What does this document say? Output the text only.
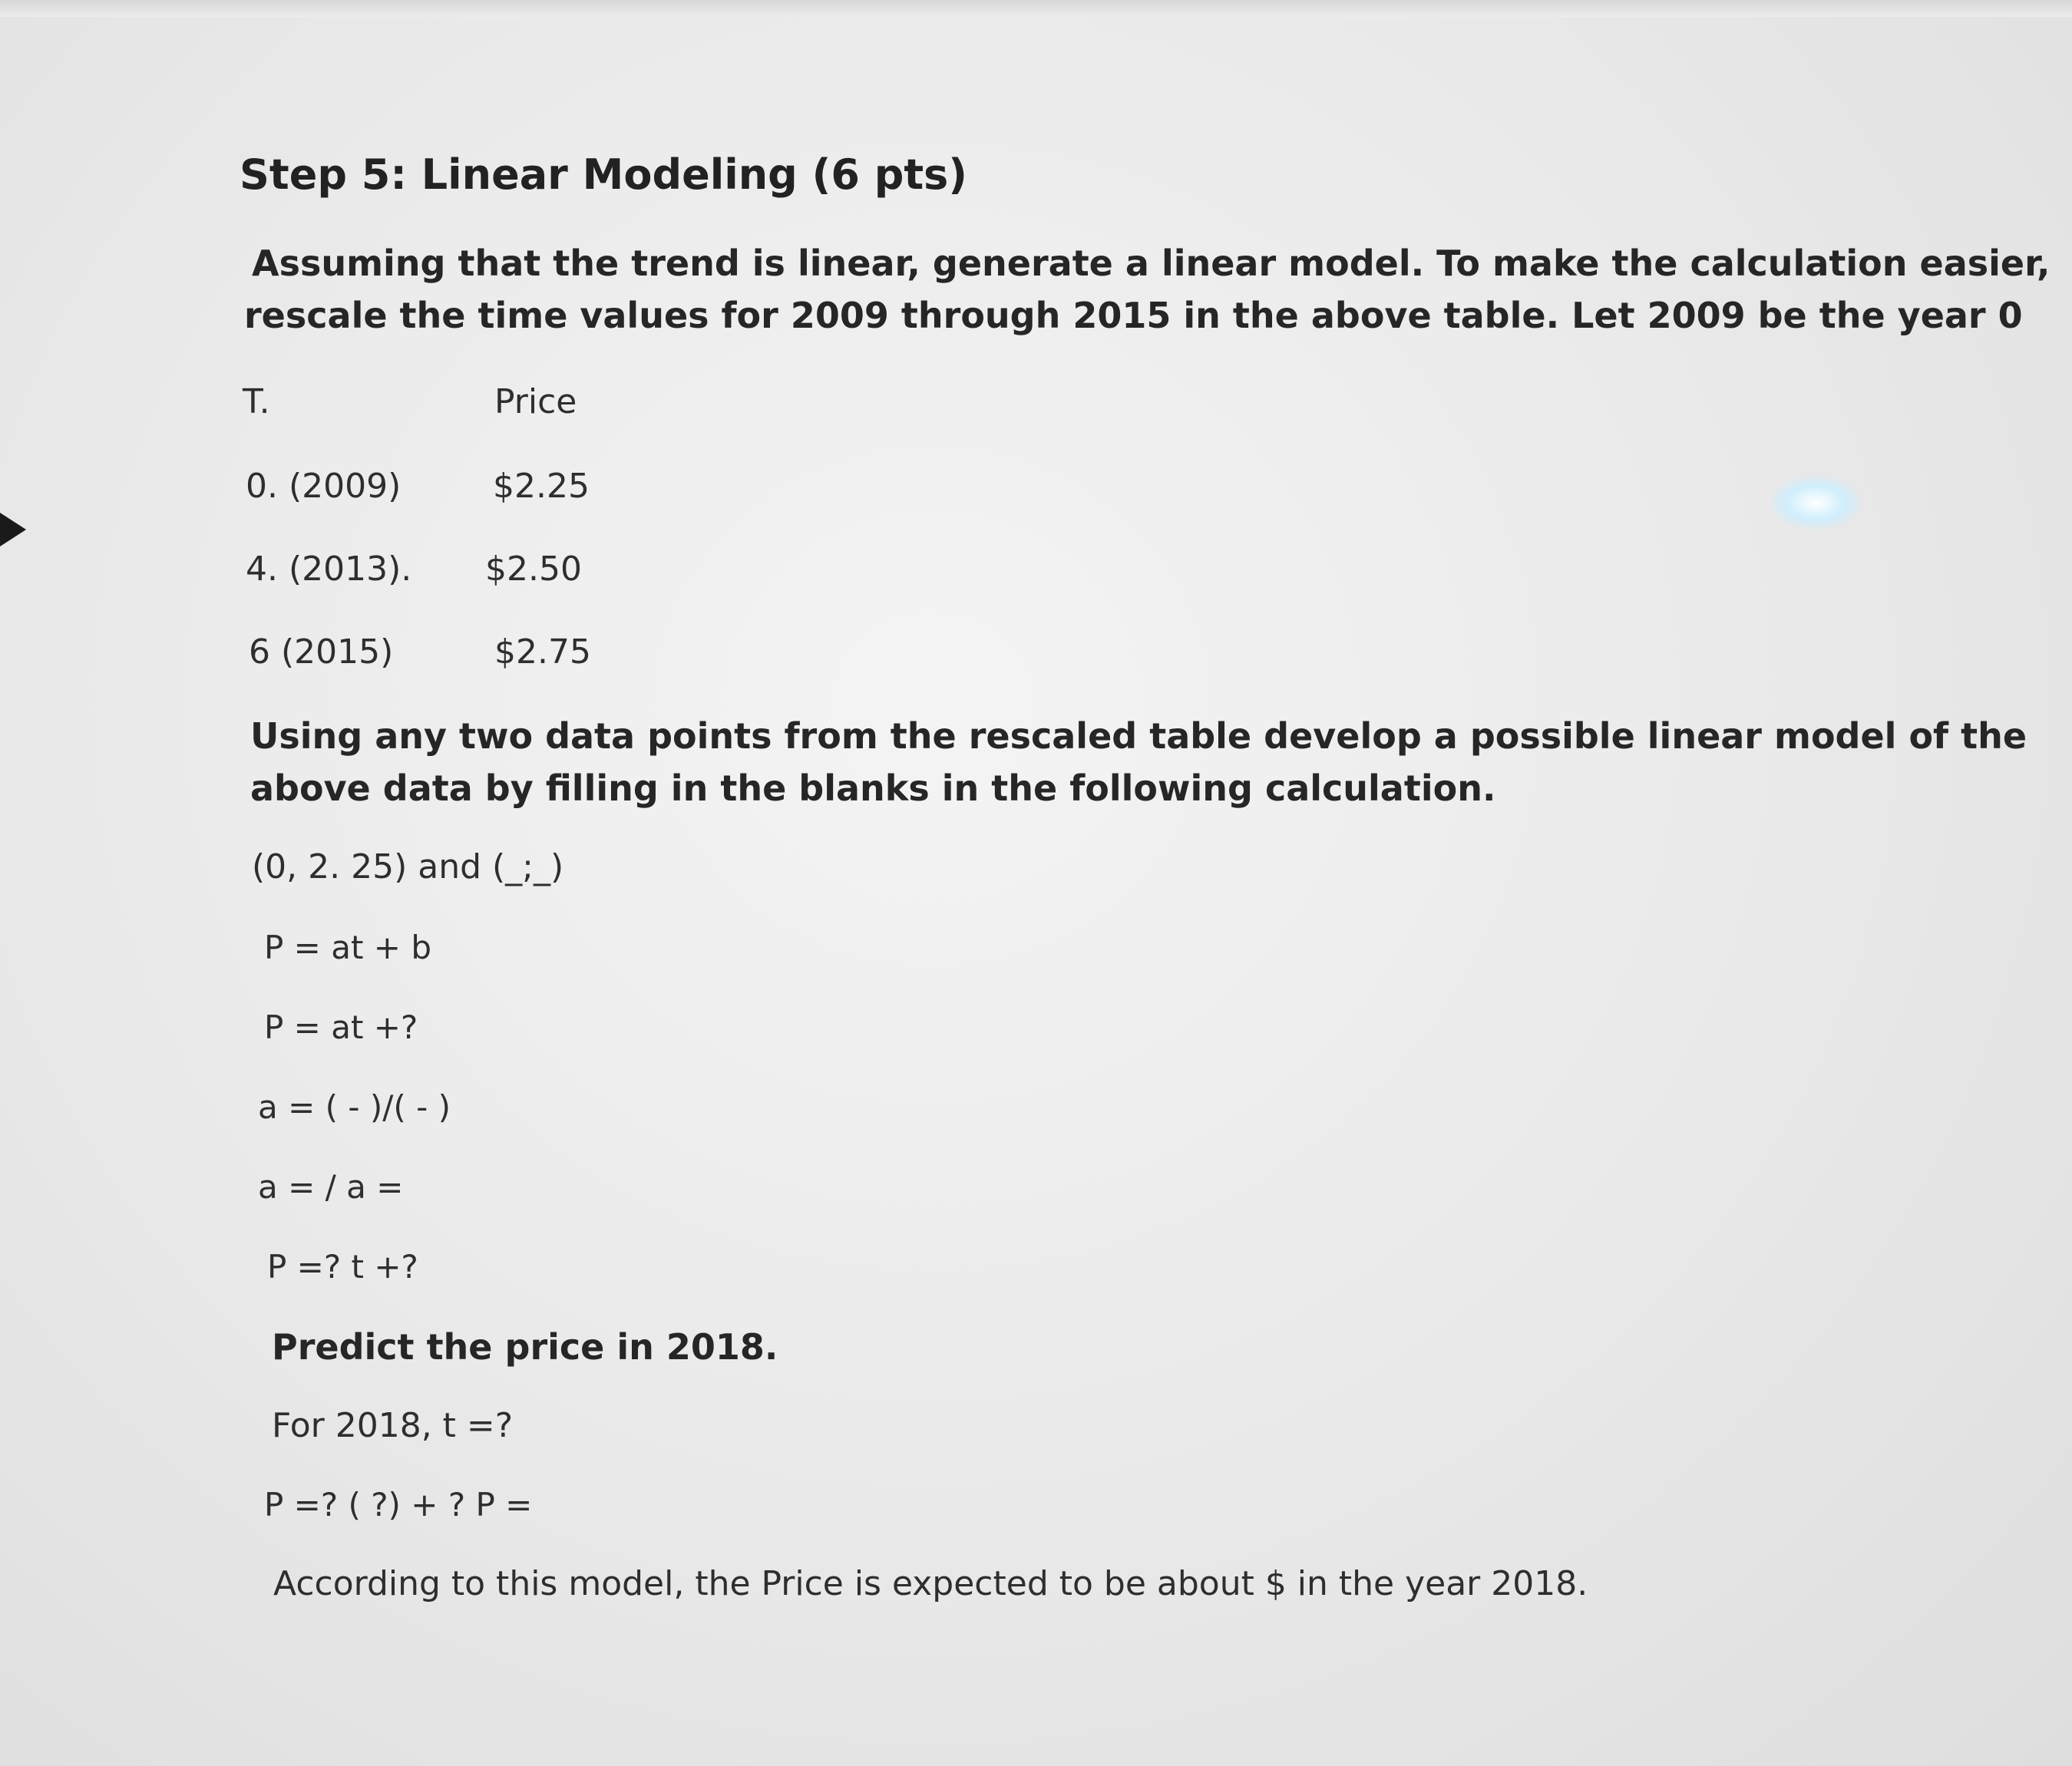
Step 5: Linear Modeling (6 pts)
Assuming that the trend is linear, generate a linear model. To make the calculation easier,
rescale the time values for 2009 through 2015 in the above table. Let 2009 be the year 0
T.	Price
0. (2009)	$2.25
4. (2013). $2.50
6 (2015)	$2.75
Using any two data points from the rescaled table develop a possible linear model of the
above data by filling in the blanks in the following calculation.
(0, 2. 25) and (_;_)
P = at + b
P = at +?
a = ( - )/( - )
a = / a =
P =? t +?
Predict the price in 2018.
For 2018, t =?
P =? ( ?) + ? P =
According to this model, the Price is expected to be about $ in the year 2018.
